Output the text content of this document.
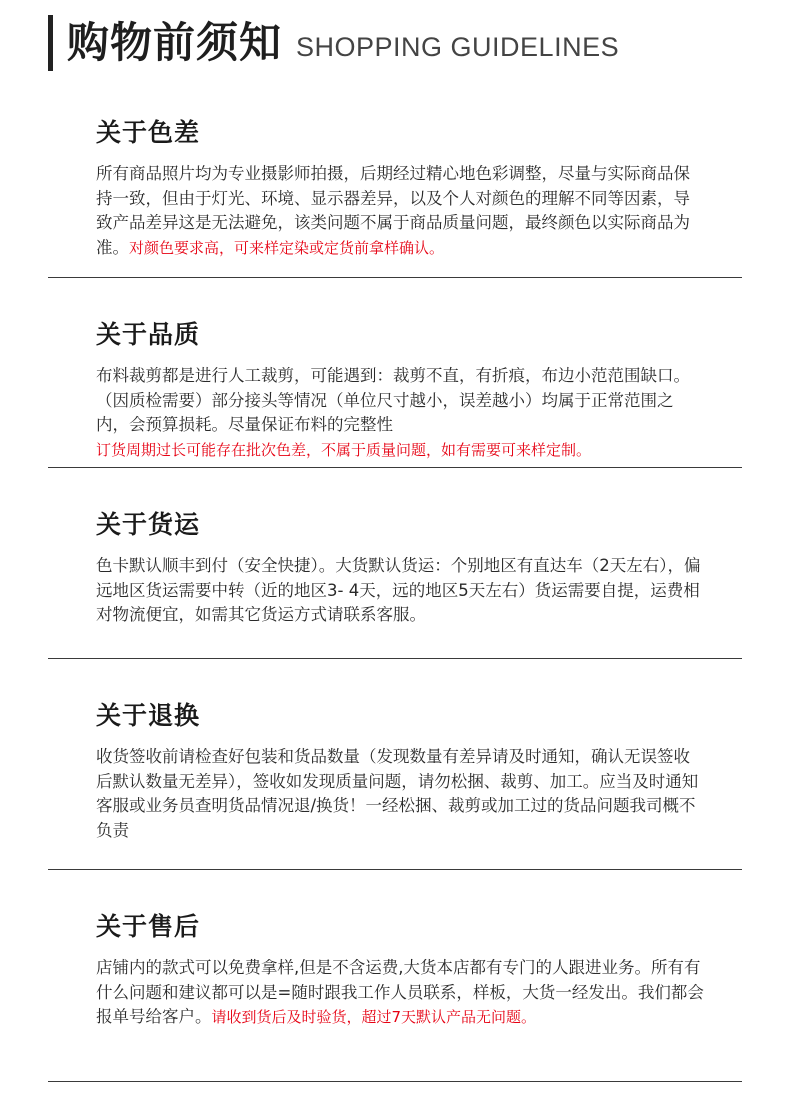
购物前须知 SHOPPING GUIDELINES
关于色差

所有商品照片均为专业摄影师拍摄，后期经过精心地色彩调整，尽量与实际商品保持一致，但由于灯光、环境、显示器差异，以及个人对颜色的理解不同等因素，导致产品差异这是无法避免，该类问题不属于商品质量问题，最终颜色以实际商品为准。对颜色要求高，可来样定染或定货前拿样确认。

关于品质

布料裁剪都是进行人工裁剪，可能遇到：裁剪不直，有折痕，布边小范范围缺口。（因质检需要）部分接头等情况（单位尺寸越小，误差越小）均属于正常范围之内，会预算损耗。尽量保证布料的完整性
订货周期过长可能存在批次色差，不属于质量问题，如有需要可来样定制。

关于货运

色卡默认顺丰到付（安全快捷）。大货默认货运：个别地区有直达车（2天左右），偏远地区货运需要中转（近的地区3- 4天，远的地区5天左右）货运需要自提，运费相对物流便宜，如需其它货运方式请联系客服。

关于退换

收货签收前请检查好包装和货品数量（发现数量有差异请及时通知，确认无误签收后默认数量无差异），签收如发现质量问题，请勿松捆、裁剪、加工。应当及时通知客服或业务员查明货品情况退/换货！一经松捆、裁剪或加工过的货品问题我司概不负责

关于售后

店铺内的款式可以免费拿样,但是不含运费,大货本店都有专门的人跟进业务。所有有什么问题和建议都可以是=随时跟我工作人员联系，样板，大货一经发出。我们都会报单号给客户。请收到货后及时验货，超过7天默认产品无问题。
